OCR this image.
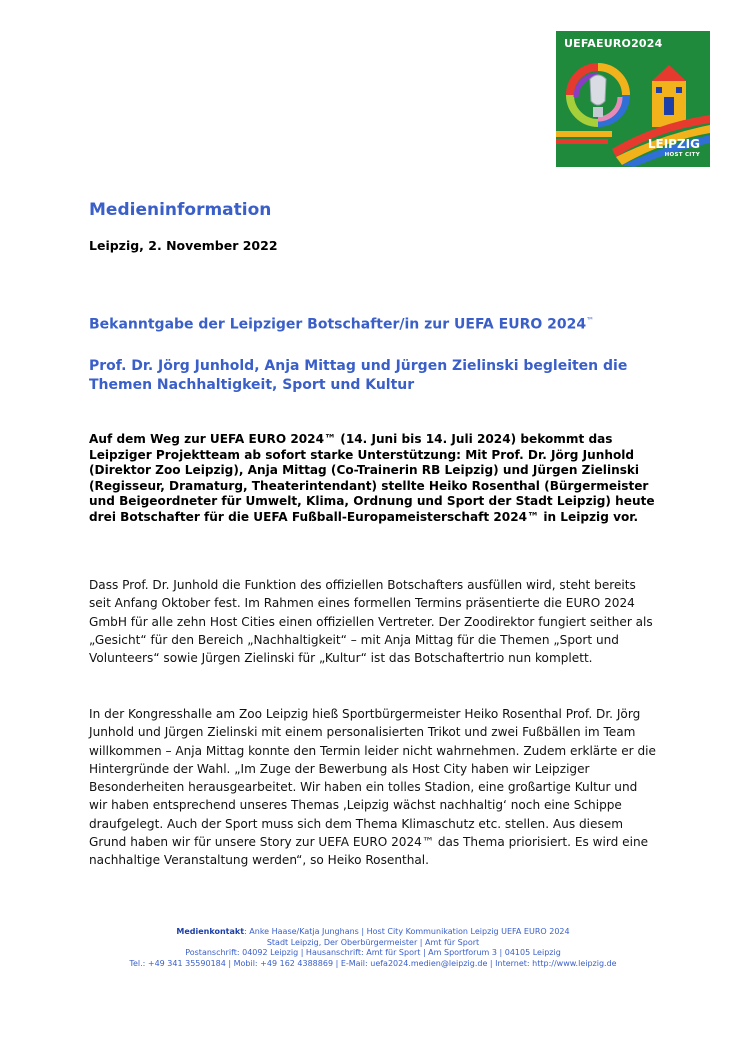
UEFAEURO2024
LEIPZIG
HOST CITY
Medieninformation

Leipzig, 2. November 2022

Bekanntgabe der Leipziger Botschafter/in zur UEFA EURO 2024™
Prof. Dr. Jörg Junhold, Anja Mittag und Jürgen Zielinski begleiten die Themen Nachhaltigkeit, Sport und Kultur

Auf dem Weg zur UEFA EURO 2024™ (14. Juni bis 14. Juli 2024) bekommt das Leipziger Projektteam ab sofort starke Unterstützung: Mit Prof. Dr. Jörg Junhold (Direktor Zoo Leipzig), Anja Mittag (Co-Trainerin RB Leipzig) und Jürgen Zielinski (Regisseur, Dramaturg, Theaterintendant) stellte Heiko Rosenthal (Bürgermeister und Beigeordneter für Umwelt, Klima, Ordnung und Sport der Stadt Leipzig) heute drei Botschafter für die UEFA Fußball-Europameisterschaft 2024™ in Leipzig vor.

Dass Prof. Dr. Junhold die Funktion des offiziellen Botschafters ausfüllen wird, steht bereits seit Anfang Oktober fest. Im Rahmen eines formellen Termins präsentierte die EURO 2024 GmbH für alle zehn Host Cities einen offiziellen Vertreter. Der Zoodirektor fungiert seither als „Gesicht“ für den Bereich „Nachhaltigkeit“ – mit Anja Mittag für die Themen „Sport und Volunteers“ sowie Jürgen Zielinski für „Kultur“ ist das Botschaftertrio nun komplett.

In der Kongresshalle am Zoo Leipzig hieß Sportbürgermeister Heiko Rosenthal Prof. Dr. Jörg Junhold und Jürgen Zielinski mit einem personalisierten Trikot und zwei Fußbällen im Team willkommen – Anja Mittag konnte den Termin leider nicht wahrnehmen. Zudem erklärte er die Hintergründe der Wahl. „Im Zuge der Bewerbung als Host City haben wir Leipziger Besonderheiten herausgearbeitet. Wir haben ein tolles Stadion, eine großartige Kultur und wir haben entsprechend unseres Themas ‚Leipzig wächst nachhaltig‘ noch eine Schippe draufgelegt. Auch der Sport muss sich dem Thema Klimaschutz etc. stellen. Aus diesem Grund haben wir für unsere Story zur UEFA EURO 2024™ das Thema priorisiert. Es wird eine nachhaltige Veranstaltung werden“, so Heiko Rosenthal.

Medienkontakt: Anke Haase/Katja Junghans | Host City Kommunikation Leipzig UEFA EURO 2024
Stadt Leipzig, Der Oberbürgermeister | Amt für Sport
Postanschrift: 04092 Leipzig | Hausanschrift: Amt für Sport | Am Sportforum 3 | 04105 Leipzig
Tel.: +49 341 35590184 | Mobil: +49 162 4388869 | E-Mail: uefa2024.medien@leipzig.de | Internet: http://www.leipzig.de
